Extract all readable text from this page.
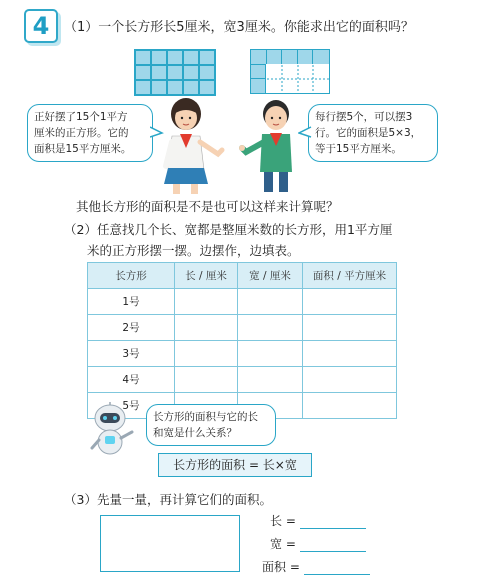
4	（1）一个长方形长5厘米，宽3厘米。你能求出它的面积吗？
正好摆了15个1平方
厘米的正方形。它的
面积是15平方厘米。
每行摆5个，可以摆3
行。它的面积是5×3，
等于15平方厘米。
其他长方形的面积是不是也可以这样来计算呢？
（2）任意找几个长、宽都是整厘米数的长方形，用1平方厘
米的正方形摆一摆。边摆作，边填表。
长方形	长 / 厘米	宽 / 厘米	面积 / 平方厘米
1号			
2号			
3号			
4号			
5号			
长方形的面积与它的长
和宽是什么关系？
长方形的面积 = 长×宽
（3）先量一量，再计算它们的面积。
长 =
宽 =
面积 =
